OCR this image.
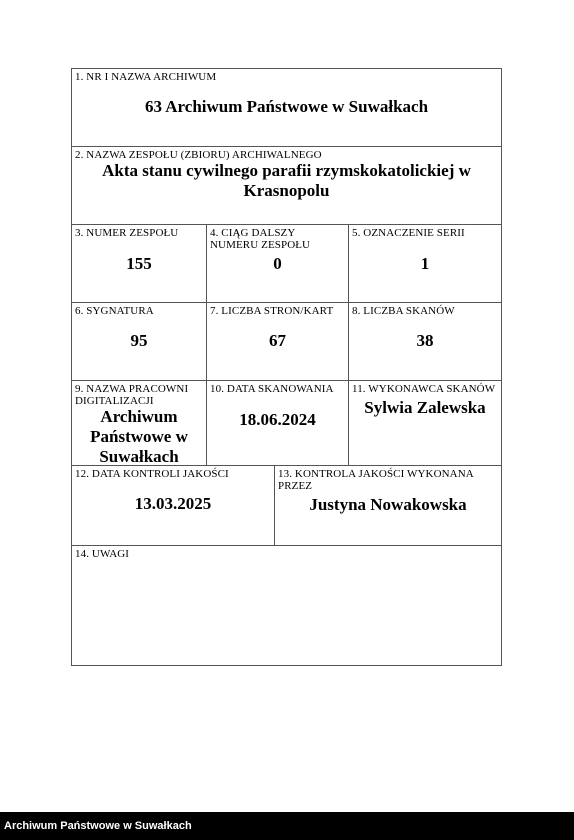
1. NR I NAZWA ARCHIWUM
63 Archiwum Państwowe w Suwałkach
2. NAZWA ZESPOŁU (ZBIORU) ARCHIWALNEGO
Akta stanu cywilnego parafii rzymskokatolickiej w Krasnopolu
3. NUMER ZESPOŁU
155
4. CIĄG DALSZY NUMERU ZESPOŁU
0
5. OZNACZENIE SERII
1
6. SYGNATURA
95
7. LICZBA STRON/KART
67
8. LICZBA SKANÓW
38
9. NAZWA PRACOWNI DIGITALIZACJI
Archiwum Państwowe w Suwałkach
10. DATA SKANOWANIA
18.06.2024
11. WYKONAWCA SKANÓW
Sylwia Zalewska
12. DATA KONTROLI JAKOŚCI
13.03.2025
13. KONTROLA JAKOŚCI WYKONANA PRZEZ
Justyna Nowakowska
14. UWAGI
Archiwum Państwowe w Suwałkach
